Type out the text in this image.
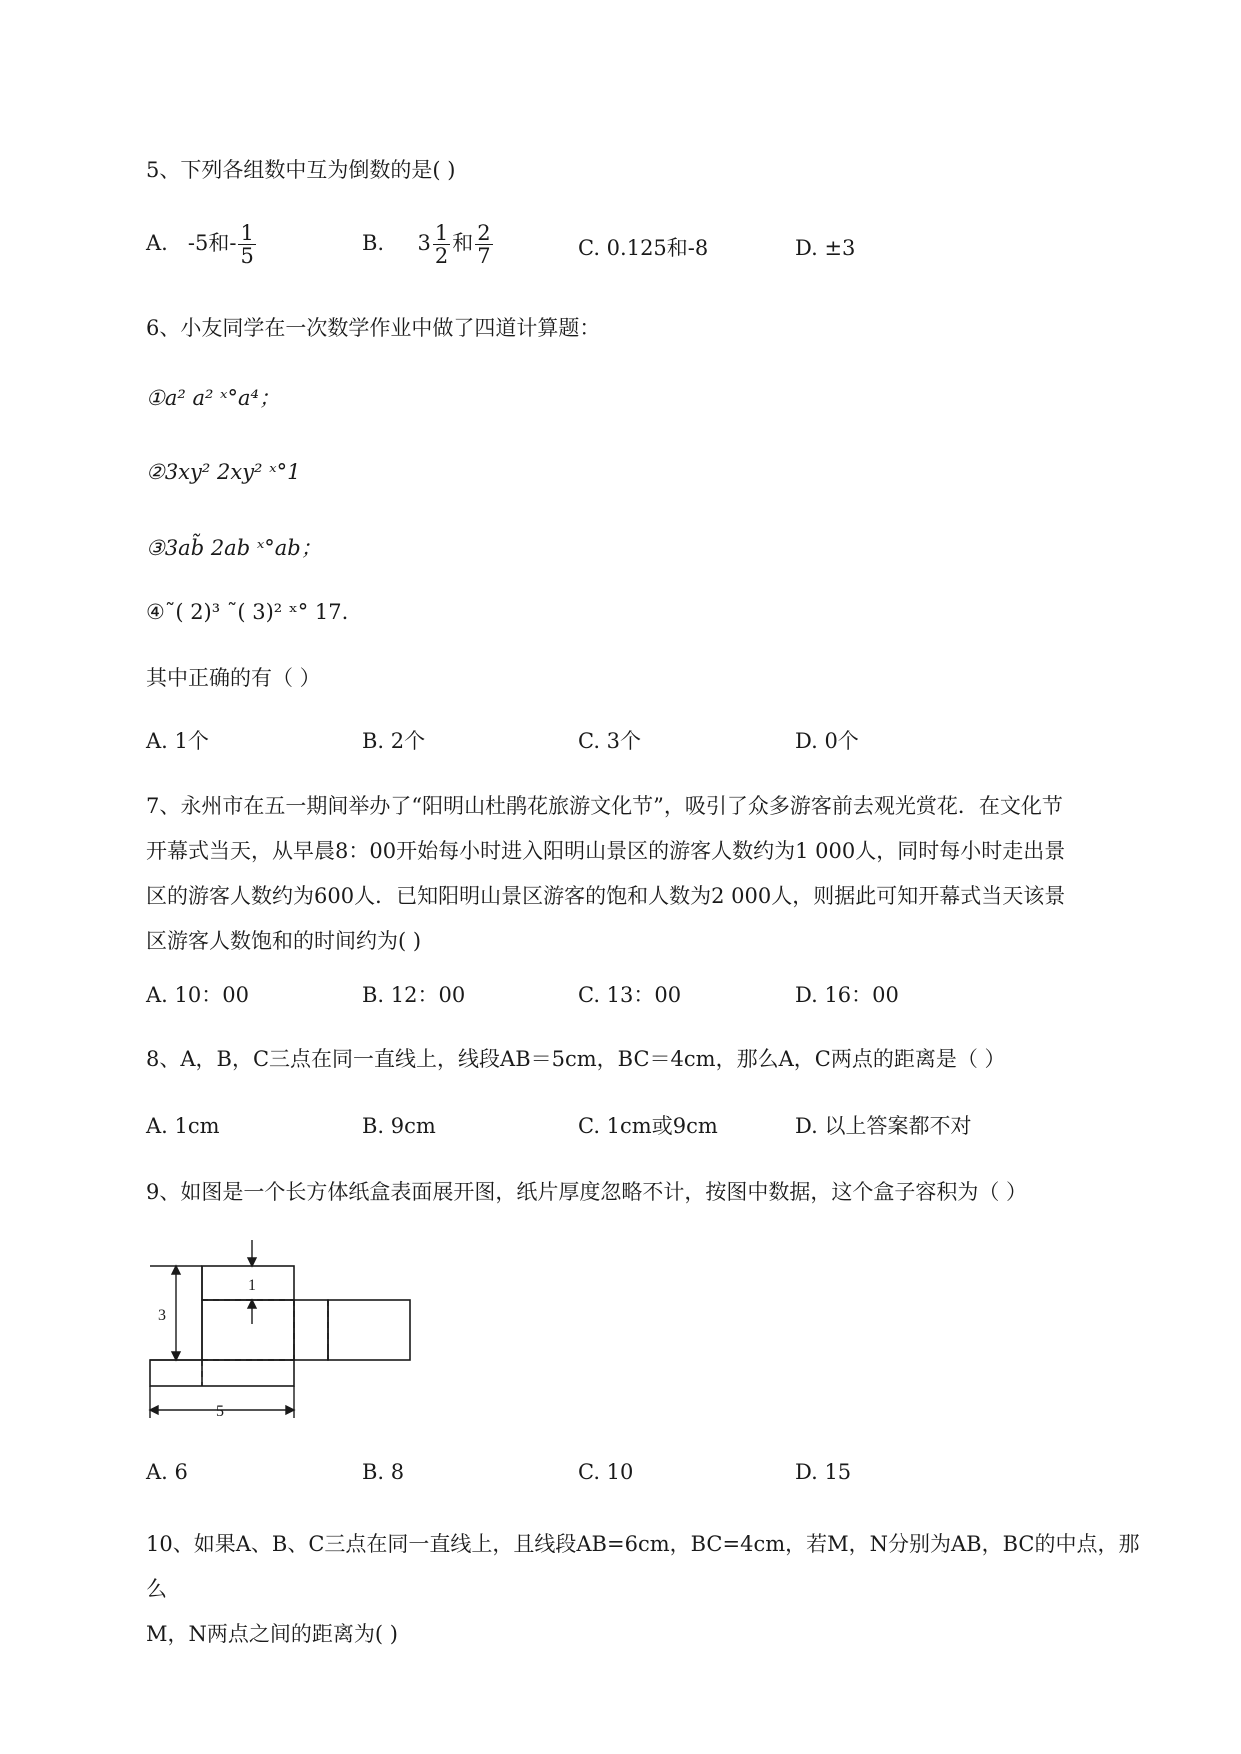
5、下列各组数中互为倒数的是( )
A. -5和- $\frac{1}{5}$	B. $3 \frac{1}{2}$ 和 $\frac{2}{7}$	C. 0.125和-8	D. ±3
6、小友同学在一次数学作业中做了四道计算题：
①a² a² ˣ°a⁴；
②3xy² 2xy² ˣ°1
③3ab̃ 2ab ˣ°ab；
④˜( 2)³ ˜( 3)² ˣ° 17.
其中正确的有（ ）
A. 1个	B. 2个	C. 3个	D. 0个
7、永州市在五一期间举办了“阳明山杜鹃花旅游文化节”，吸引了众多游客前去观光赏花．在文化节
开幕式当天，从早晨8：00开始每小时进入阳明山景区的游客人数约为1 000人，同时每小时走出景
区的游客人数约为600人．已知阳明山景区游客的饱和人数为2 000人，则据此可知开幕式当天该景
区游客人数饱和的时间约为( )
A. 10：00	B. 12：00	C. 13：00	D. 16：00
8、A，B，C三点在同一直线上，线段AB＝5cm，BC＝4cm，那么A，C两点的距离是（ ）
A. 1cm	B. 9cm	C. 1cm或9cm	D. 以上答案都不对
9、如图是一个长方体纸盒表面展开图，纸片厚度忽略不计，按图中数据，这个盒子容积为（ ）
1
3
5
A. 6	B. 8	C. 10	D. 15
10、如果A、B、C三点在同一直线上，且线段AB=6cm，BC=4cm，若M，N分别为AB，BC的中点，那么
M，N两点之间的距离为( )
